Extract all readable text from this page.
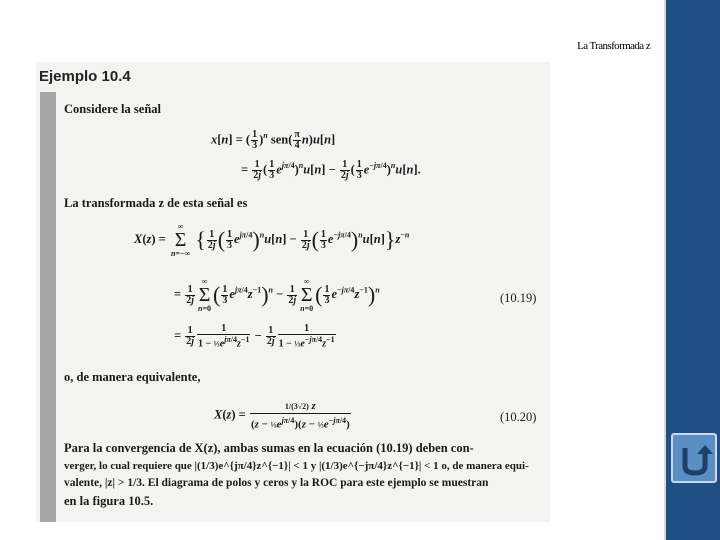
La Transformada z
Ejemplo 10.4
Considere la señal
x[n] = ( $\frac{1}{3} )^n$ $sen( \frac{\pi}{4} n)u[n]$
= $\frac{1}{2j}$ ( $\frac{1}{3} e^{j\pi/4})^nu[n] - \frac{1}{2j}$ ( $\frac{1}{3} e^{-j\pi/4})^nu[n]$.
La transformada z de esta señal es
X(z) = ∞
Σ
n=−∞ { $\frac{1}{2j}$ ( $\frac{1}{3} e^{j\pi/4})^nu[n] - \frac{1}{2j}$ ( $\frac{1}{3} e^{-j\pi/4})^nu[n]\}z^{-n}$
= $\frac{1}{2j}$
∞
Σ
$n=0( \frac{1}{3} e^{j\pi/4}z^{-1})^n - \frac{1}{2j}$
∞
Σ
$n=0( \frac{1}{3} e^{-j\pi/4}z^{-1})^n$
(10.19)
= $\frac{1}{2j} \frac{1}{1 - \frac{1}{3}e^{j\pi/4}z^{-1}} - \frac{1}{2j} \frac{1}{1 - \frac{1}{3}e^{-j\pi/4}z^{-1}}$
o, de manera equivalente,
$X(z) = \frac{1/(3√2) z}{(z - \frac{1}{3}e^{j\pi/4})(z - \frac{1}{3}e^{-j\pi/4})}$	(10.20)

Para la convergencia de X(z), ambas sumas en la ecuación (10.19) deben con-

verger, lo cual requiere que |(1/3)e^{jπ/4}z^{−1}| < 1 y |(1/3)e^{−jπ/4}z^{−1}| < 1 o, de manera equi-

valente, |z| > 1/3. El diagrama de polos y ceros y la ROC para este ejemplo se muestran

en la figura 10.5.
